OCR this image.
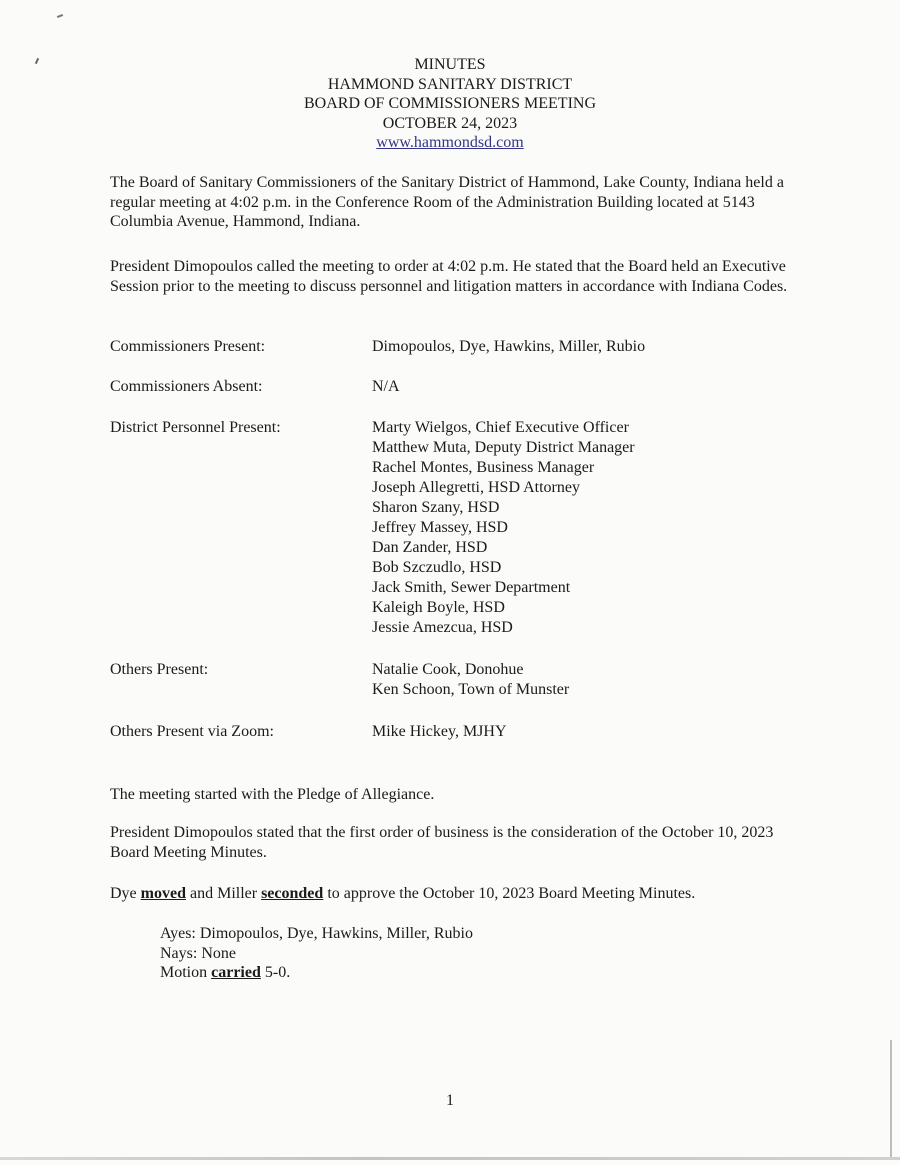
MINUTES
HAMMOND SANITARY DISTRICT
BOARD OF COMMISSIONERS MEETING
OCTOBER 24, 2023
www.hammondsd.com

The Board of Sanitary Commissioners of the Sanitary District of Hammond, Lake County, Indiana held a regular meeting at 4:02 p.m. in the Conference Room of the Administration Building located at 5143 Columbia Avenue, Hammond, Indiana.

President Dimopoulos called the meeting to order at 4:02 p.m. He stated that the Board held an Executive Session prior to the meeting to discuss personnel and litigation matters in accordance with Indiana Codes.

Commissioners Present:	Dimopoulos, Dye, Hawkins, Miller, Rubio
Commissioners Absent:	N/A
District Personnel Present:	Marty Wielgos, Chief Executive Officer
Matthew Muta, Deputy District Manager
Rachel Montes, Business Manager
Joseph Allegretti, HSD Attorney
Sharon Szany, HSD
Jeffrey Massey, HSD
Dan Zander, HSD
Bob Szczudlo, HSD
Jack Smith, Sewer Department
Kaleigh Boyle, HSD
Jessie Amezcua, HSD
Others Present:	Natalie Cook, Donohue
Ken Schoon, Town of Munster
Others Present via Zoom:	Mike Hickey, MJHY

The meeting started with the Pledge of Allegiance.

President Dimopoulos stated that the first order of business is the consideration of the October 10, 2023 Board Meeting Minutes.

Dye moved and Miller seconded to approve the October 10, 2023 Board Meeting Minutes.

Ayes: Dimopoulos, Dye, Hawkins, Miller, Rubio
Nays: None
Motion carried 5-0.
1
